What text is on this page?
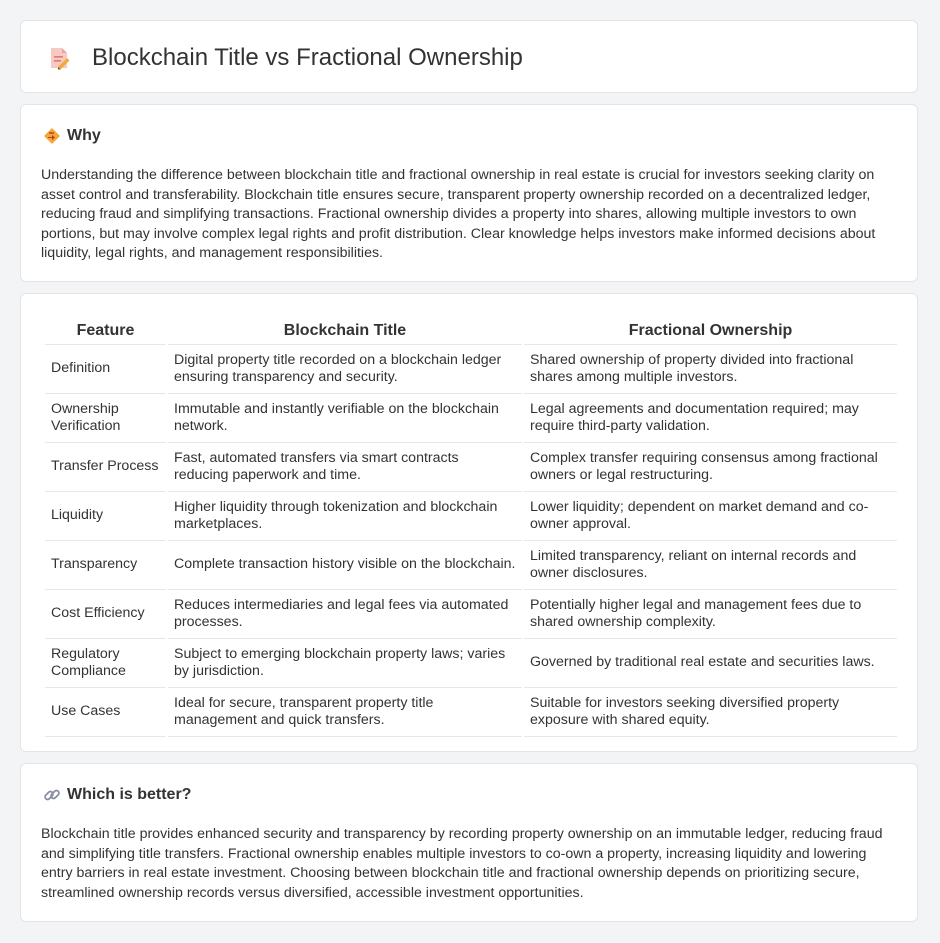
Blockchain Title vs Fractional Ownership
Why

Understanding the difference between blockchain title and fractional ownership in real estate is crucial for investors seeking clarity on asset control and transferability. Blockchain title ensures secure, transparent property ownership recorded on a decentralized ledger, reducing fraud and simplifying transactions. Fractional ownership divides a property into shares, allowing multiple investors to own portions, but may involve complex legal rights and profit distribution. Clear knowledge helps investors make informed decisions about liquidity, legal rights, and management responsibilities.

Feature	Blockchain Title	Fractional Ownership
Definition	Digital property title recorded on a blockchain ledger ensuring transparency and security.	Shared ownership of property divided into fractional shares among multiple investors.
Ownership Verification	Immutable and instantly verifiable on the blockchain network.	Legal agreements and documentation required; may require third-party validation.
Transfer Process	Fast, automated transfers via smart contracts reducing paperwork and time.	Complex transfer requiring consensus among fractional owners or legal restructuring.
Liquidity	Higher liquidity through tokenization and blockchain marketplaces.	Lower liquidity; dependent on market demand and co-owner approval.
Transparency	Complete transaction history visible on the blockchain.	Limited transparency, reliant on internal records and owner disclosures.
Cost Efficiency	Reduces intermediaries and legal fees via automated processes.	Potentially higher legal and management fees due to shared ownership complexity.
Regulatory Compliance	Subject to emerging blockchain property laws; varies by jurisdiction.	Governed by traditional real estate and securities laws.
Use Cases	Ideal for secure, transparent property title management and quick transfers.	Suitable for investors seeking diversified property exposure with shared equity.
Which is better?

Blockchain title provides enhanced security and transparency by recording property ownership on an immutable ledger, reducing fraud and simplifying title transfers. Fractional ownership enables multiple investors to co-own a property, increasing liquidity and lowering entry barriers in real estate investment. Choosing between blockchain title and fractional ownership depends on prioritizing secure, streamlined ownership records versus diversified, accessible investment opportunities.
